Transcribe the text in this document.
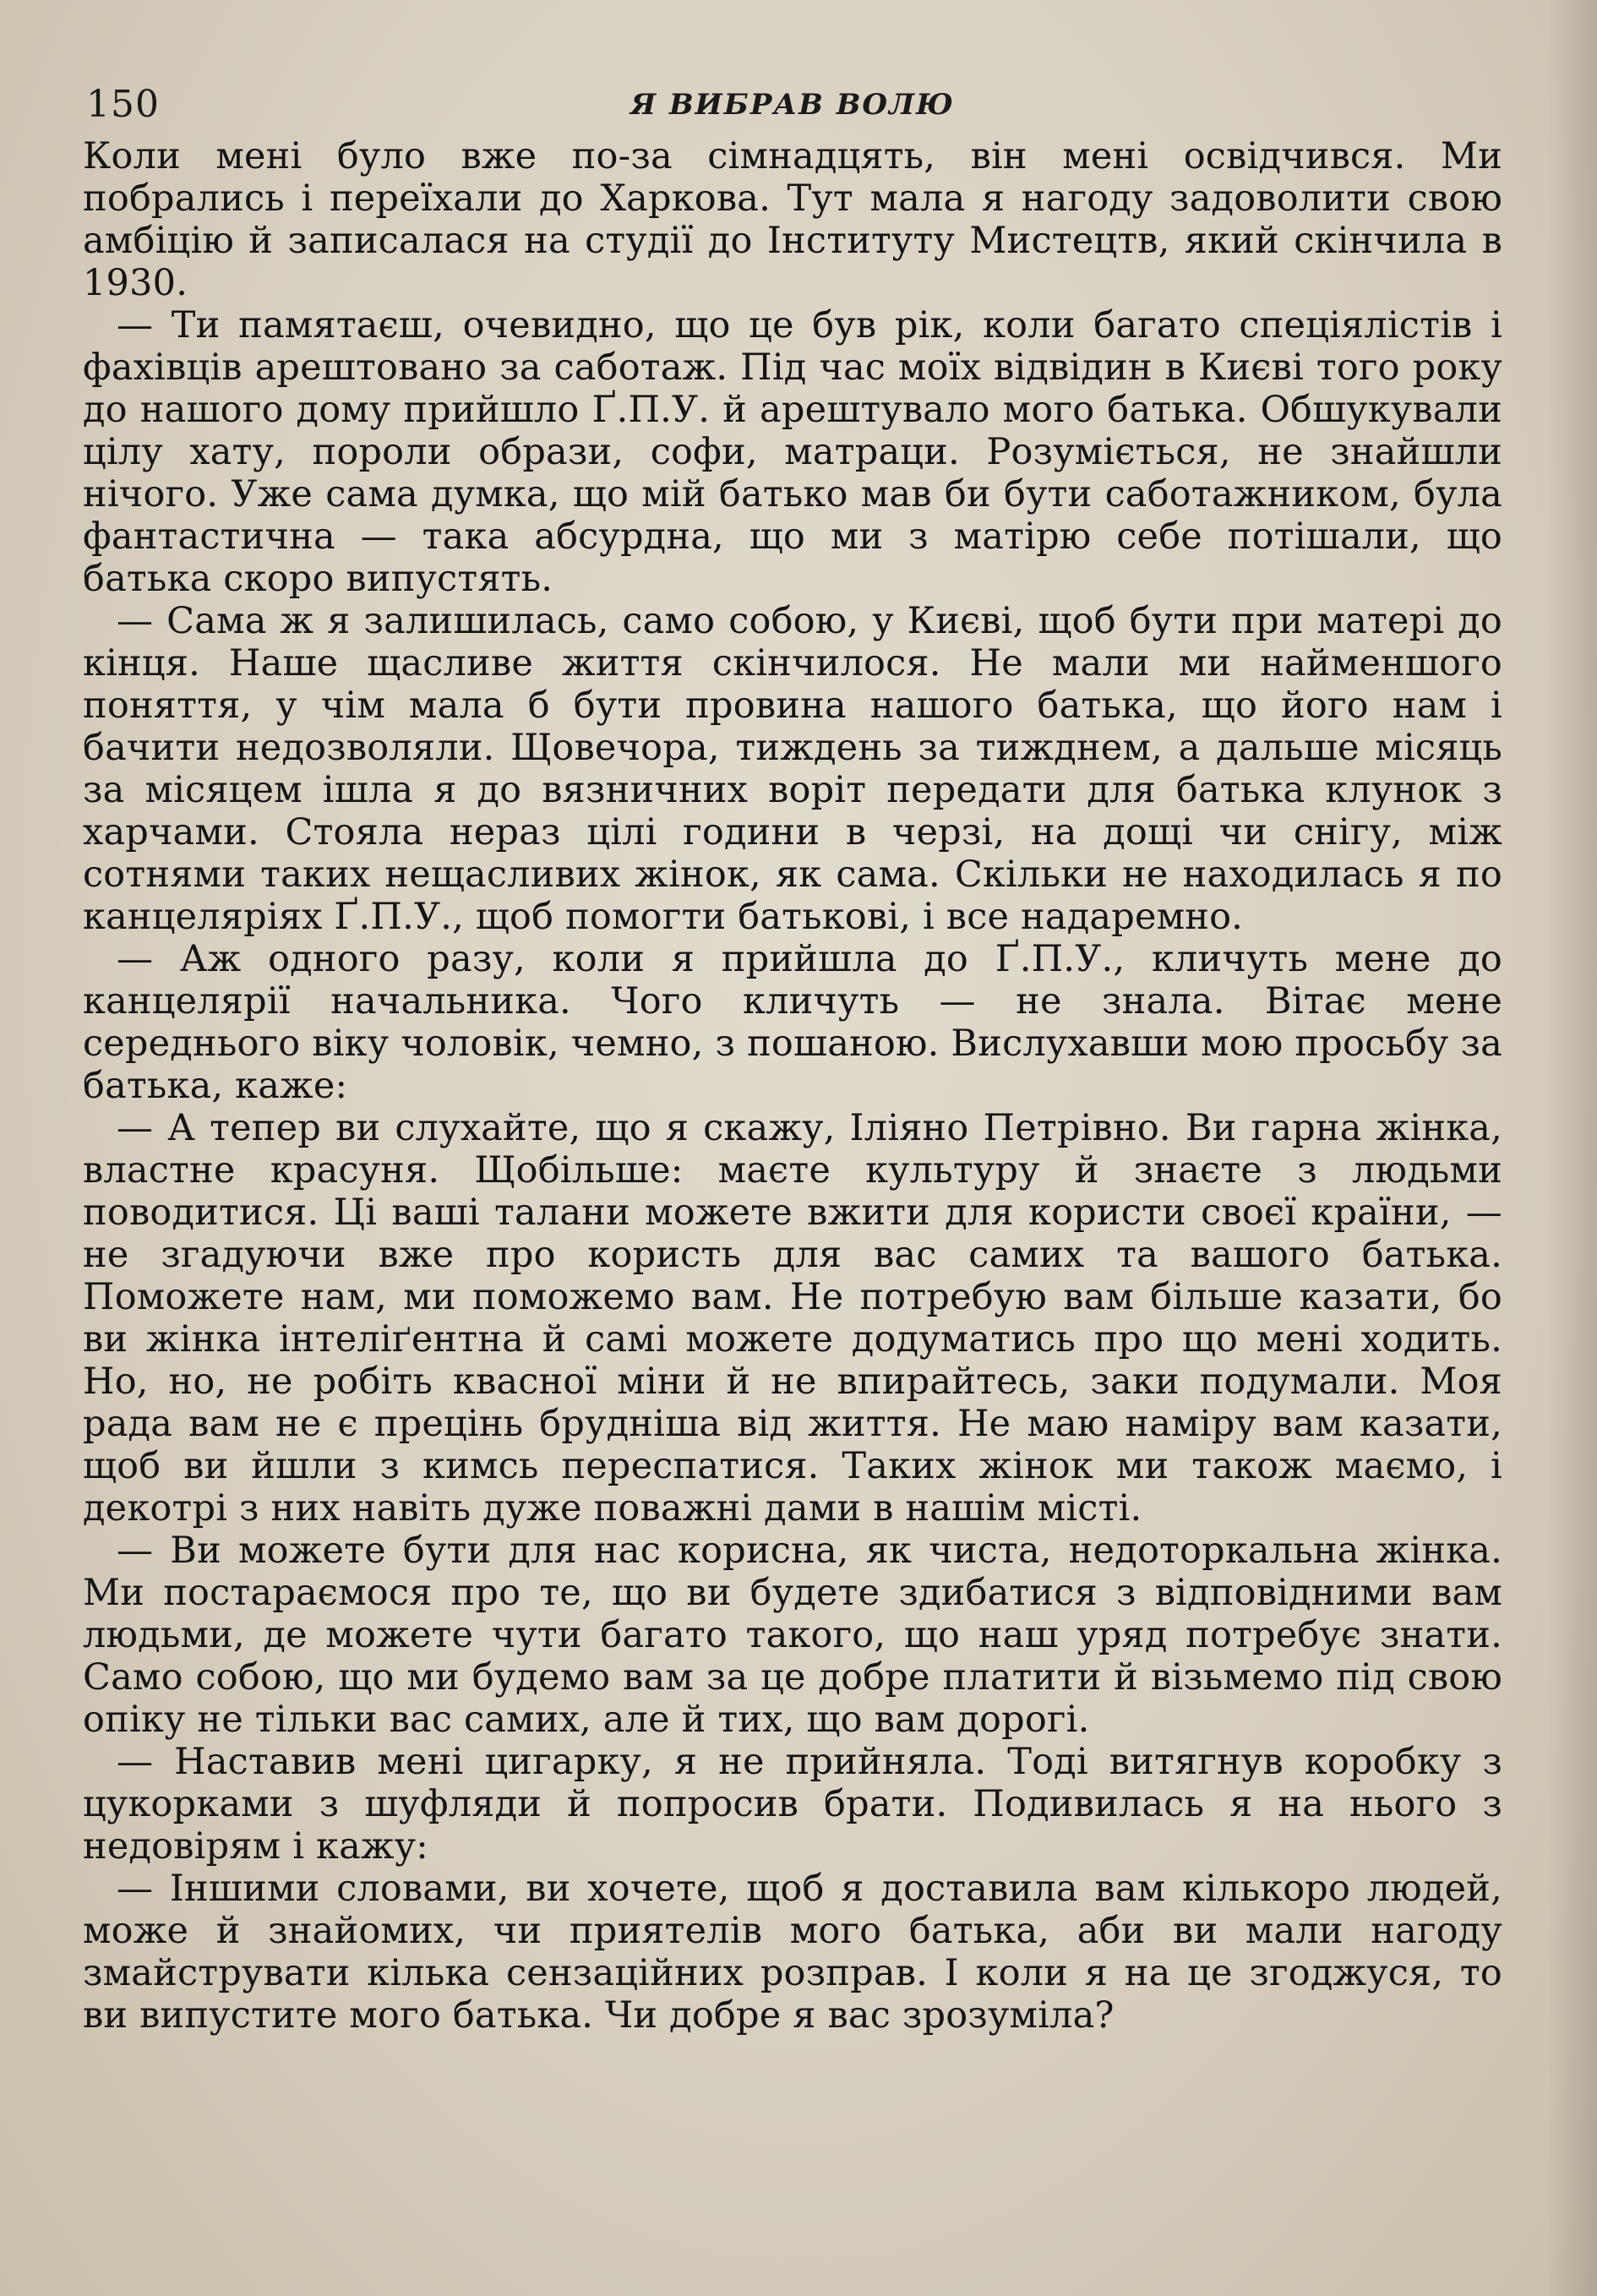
150	Я ВИБРАВ ВОЛЮ

Коли мені було вже по-за сімнадцять, він мені освідчився. Ми побрались і переїхали до Харкова. Тут мала я нагоду задоволити свою амбіцію й записалася на студії до Інституту Мистецтв, який скінчила в 1930.

— Ти памятаєш, очевидно, що це був рік, коли багато спеціялістів і фахівців арештовано за саботаж. Під час моїх відвідин в Києві того року до нашого дому прийшло Ґ.П.У. й арештувало мого батька. Обшукували цілу хату, пороли образи, софи, матраци. Розуміється, не знайшли нічого. Уже сама думка, що мій батько мав би бути саботажником, була фантастична — така абсурдна, що ми з матірю себе потішали, що батька скоро випустять.

— Сама ж я залишилась, само собою, у Києві, щоб бути при матері до кінця. Наше щасливе життя скінчилося. Не мали ми найменшого поняття, у чім мала б бути провина нашого батька, що його нам і бачити недозволяли. Щовечора, тиждень за тижднем, а дальше місяць за місяцем ішла я до вязничних воріт передати для батька клунок з харчами. Стояла нераз цілі години в черзі, на дощі чи снігу, між сотнями таких нещасливих жінок, як сама. Скільки не находилась я по канцеляріях Ґ.П.У., щоб помогти батькові, і все надаремно.

— Аж одного разу, коли я прийшла до Ґ.П.У., кличуть мене до канцелярії начальника. Чого кличуть — не знала. Вітає мене середнього віку чоловік, чемно, з пошаною. Вислухавши мою просьбу за батька, каже:

— А тепер ви слухайте, що я скажу, Іліяно Петрівно. Ви гарна жінка, властне красуня. Щобільше: маєте культуру й знаєте з людьми поводитися. Ці ваші талани можете вжити для користи своєї країни, — не згадуючи вже про користь для вас самих та вашого батька. Поможете нам, ми поможемо вам. Не потребую вам більше казати, бо ви жінка інтеліґентна й самі можете додуматись про що мені ходить. Но, но, не робіть квасної міни й не впирайтесь, заки подумали. Моя рада вам не є прецінь брудніша від життя. Не маю наміру вам казати, щоб ви йшли з кимсь переспатися. Таких жінок ми також маємо, і декотрі з них навіть дуже поважні дами в нашім місті.

— Ви можете бути для нас корисна, як чиста, недоторкальна жінка. Ми постараємося про те, що ви будете здибатися з відповідними вам людьми, де можете чути багато такого, що наш уряд потребує знати. Само собою, що ми будемо вам за це добре платити й візьмемо під свою опіку не тільки вас самих, але й тих, що вам дорогі.

— Наставив мені цигарку, я не прийняла. Тоді витягнув коробку з цукорками з шуфляди й попросив брати. Подивилась я на нього з недовірям і кажу:

— Іншими словами, ви хочете, щоб я доставила вам кількоро людей, може й знайомих, чи приятелів мого батька, аби ви мали нагоду змайструвати кілька сензаційних розправ. І коли я на це згоджуся, то ви випустите мого батька. Чи добре я вас зрозуміла?
